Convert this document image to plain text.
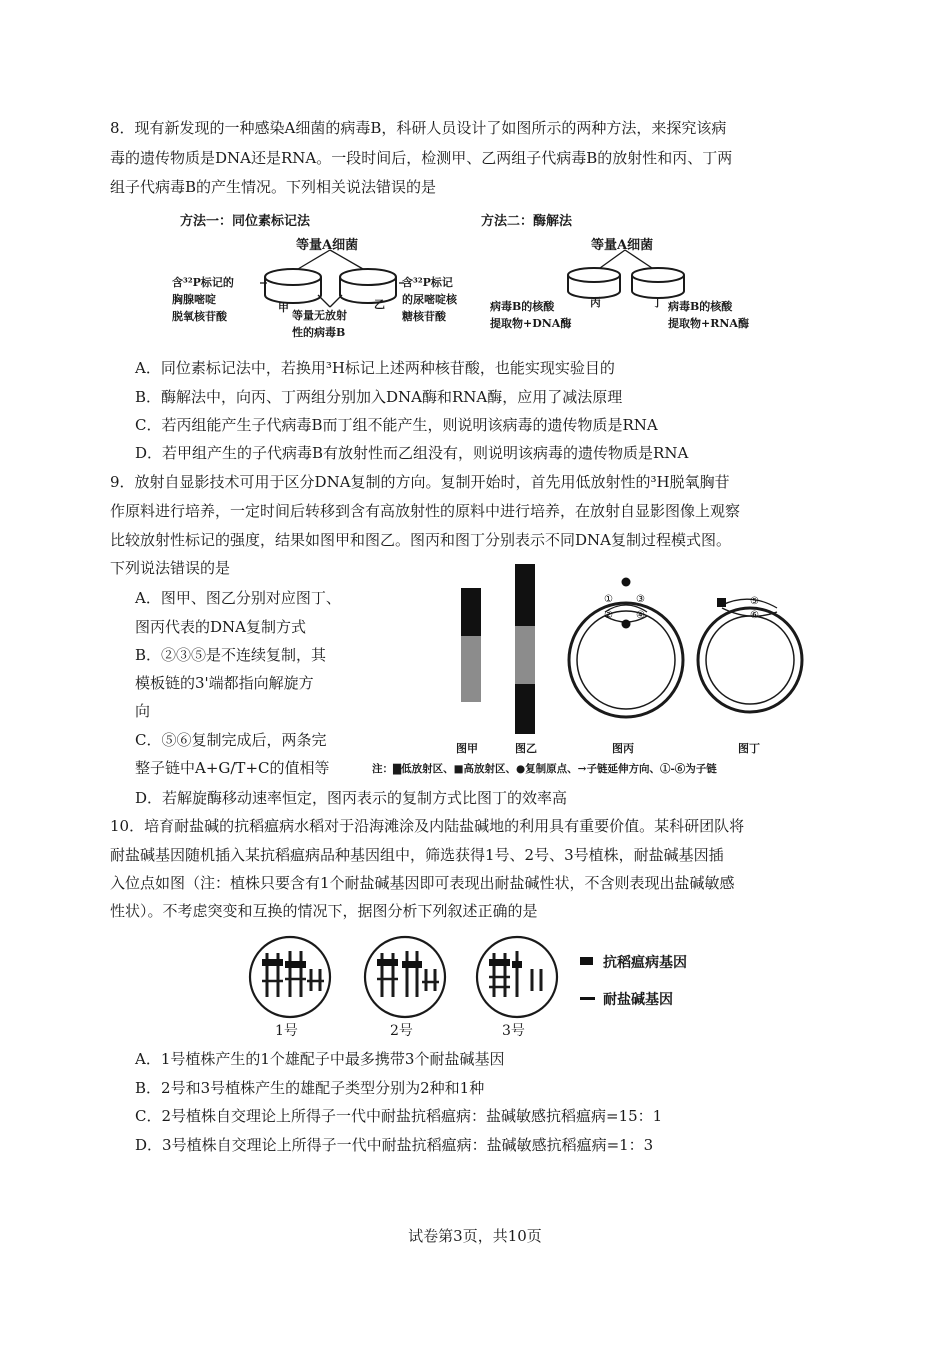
8．现有新发现的一种感染A细菌的病毒B，科研人员设计了如图所示的两种方法，来探究该病
毒的遗传物质是DNA还是RNA。一段时间后，检测甲、乙两组子代病毒B的放射性和丙、丁两
组子代病毒B的产生情况。下列相关说法错误的是
方法一：同位素标记法	方法二：酶解法
等量A细菌	等量A细菌
含³²P标记的
胸腺嘧啶
脱氧核苷酸
含³²P标记
的尿嘧啶核
糖核苷酸
等量无放射
性的病毒B
甲	乙	丙	丁
病毒B的核酸
提取物+DNA酶
病毒B的核酸
提取物+RNA酶
A．同位素标记法中，若换用³H标记上述两种核苷酸，也能实现实验目的
B．酶解法中，向丙、丁两组分别加入DNA酶和RNA酶，应用了减法原理
C．若丙组能产生子代病毒B而丁组不能产生，则说明该病毒的遗传物质是RNA
D．若甲组产生的子代病毒B有放射性而乙组没有，则说明该病毒的遗传物质是RNA
9．放射自显影技术可用于区分DNA复制的方向。复制开始时，首先用低放射性的³H脱氧胸苷
作原料进行培养，一定时间后转移到含有高放射性的原料中进行培养，在放射自显影图像上观察
比较放射性标记的强度，结果如图甲和图乙。图丙和图丁分别表示不同DNA复制过程模式图。
下列说法错误的是
A．图甲、图乙分别对应图丁、
图丙代表的DNA复制方式
B．②③⑤是不连续复制，其
模板链的3'端都指向解旋方
向
C．⑤⑥复制完成后，两条完
整子链中A+G/T+C的值相等
① ③
② ④
⑤
⑥
图甲	图乙	图丙	图丁
注：▇低放射区、■高放射区、●复制原点、→子链延伸方向、①-⑥为子链
D．若解旋酶移动速率恒定，图丙表示的复制方式比图丁的效率高
10．培育耐盐碱的抗稻瘟病水稻对于沿海滩涂及内陆盐碱地的利用具有重要价值。某科研团队将
耐盐碱基因随机插入某抗稻瘟病品种基因组中，筛选获得1号、2号、3号植株，耐盐碱基因插
入位点如图（注：植株只要含有1个耐盐碱基因即可表现出耐盐碱性状，不含则表现出盐碱敏感
性状）。不考虑突变和互换的情况下，据图分析下列叙述正确的是
1号	2号	3号
抗稻瘟病基因
耐盐碱基因
A．1号植株产生的1个雄配子中最多携带3个耐盐碱基因
B．2号和3号植株产生的雄配子类型分别为2种和1种
C．2号植株自交理论上所得子一代中耐盐抗稻瘟病：盐碱敏感抗稻瘟病=15：1
D．3号植株自交理论上所得子一代中耐盐抗稻瘟病：盐碱敏感抗稻瘟病=1：3
试卷第3页，共10页
